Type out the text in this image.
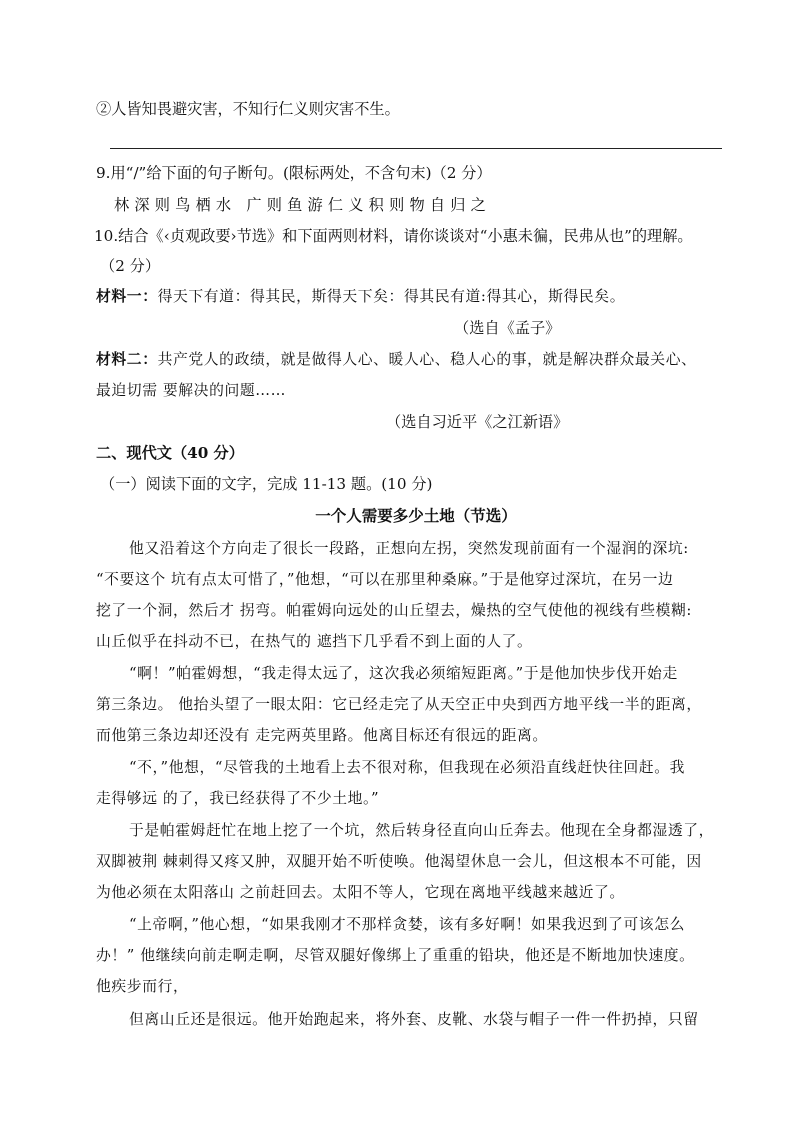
②人皆知畏避灾害，不知行仁义则灾害不生。
9.用“/”给下面的句子断句。(限标两处，不含句末)（2 分）
林深则鸟栖水 广则鱼游仁义积则物自归之
10.结合《‹贞观政要›节选》和下面两则材料，请你谈谈对“小惠未徧，民弗从也”的理解。
（2 分）
材料一：得天下有道：得其民，斯得天下矣：得其民有道:得其心，斯得民矣。
（选自《孟子》
材料二：共产党人的政绩，就是做得人心、暖人心、稳人心的事，就是解决群众最关心、
最迫切需 要解决的问题……
（选自习近平《之江新语》
二、现代文（40 分）
（一）阅读下面的文字，完成 11-13 题。(10 分)
一个人需要多少土地（节选）
他又沿着这个方向走了很长一段路，正想向左拐，突然发现前面有一个湿润的深坑:
“不要这个 坑有点太可惜了，”他想，“可以在那里种桑麻。”于是他穿过深坑，在另一边
挖了一个洞，然后才 拐弯。帕霍姆向远处的山丘望去，燥热的空气使他的视线有些模糊:
山丘似乎在抖动不已，在热气的 遮挡下几乎看不到上面的人了。
“啊！”帕霍姆想，“我走得太远了，这次我必须缩短距离。”于是他加快步伐开始走
第三条边。 他抬头望了一眼太阳：它已经走完了从天空正中央到西方地平线一半的距离，
而他第三条边却还没有 走完两英里路。他离目标还有很远的距离。
“不，”他想，“尽管我的土地看上去不很对称，但我现在必须沿直线赶快往回赶。我
走得够远 的了，我已经获得了不少土地。”
于是帕霍姆赶忙在地上挖了一个坑，然后转身径直向山丘奔去。他现在全身都湿透了，
双脚被荆 棘刺得又疼又肿，双腿开始不听使唤。他渴望休息一会儿，但这根本不可能，因
为他必须在太阳落山 之前赶回去。太阳不等人，它现在离地平线越来越近了。
“上帝啊，”他心想，“如果我刚才不那样贪婪，该有多好啊！如果我迟到了可该怎么
办！” 他继续向前走啊走啊，尽管双腿好像绑上了重重的铅块，他还是不断地加快速度。
他疾步而行，
但离山丘还是很远。他开始跑起来，将外套、皮靴、水袋与帽子一件一件扔掉，只留
